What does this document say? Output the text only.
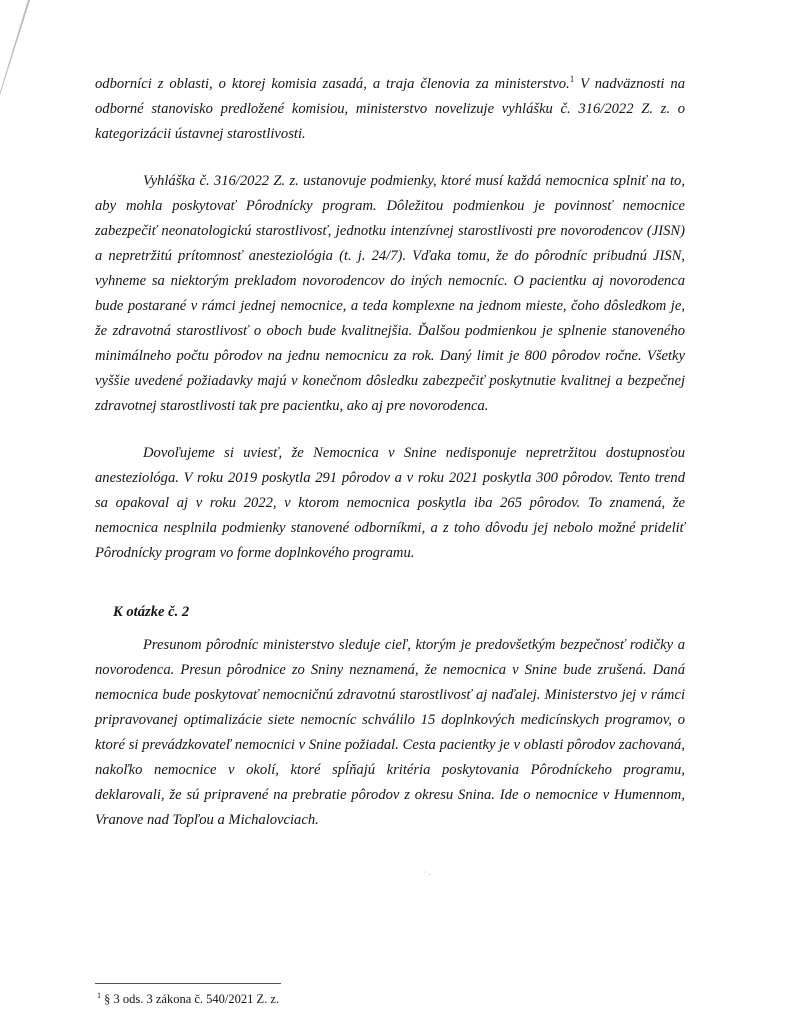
odborníci z oblasti, o ktorej komisia zasadá, a traja členovia za ministerstvo.$^1$ V nadväznosti na odborné stanovisko predložené komisiou, ministerstvo novelizuje vyhlášku č. 316/2022 Z. z. o kategorizácii ústavnej starostlivosti.

Vyhláška č. 316/2022 Z. z. ustanovuje podmienky, ktoré musí každá nemocnica splniť na to, aby mohla poskytovať Pôrodnícky program. Dôležitou podmienkou je povinnosť nemocnice zabezpečiť neonatologickú starostlivosť, jednotku intenzívnej starostlivosti pre novorodencov (JISN) a nepretržitú prítomnosť anesteziológia (t. j. 24/7). Vďaka tomu, že do pôrodníc pribudnú JISN, vyhneme sa niektorým prekladom novorodencov do iných nemocníc. O pacientku aj novorodenca bude postarané v rámci jednej nemocnice, a teda komplexne na jednom mieste, čoho dôsledkom je, že zdravotná starostlivosť o oboch bude kvalitnejšia. Ďalšou podmienkou je splnenie stanoveného minimálneho počtu pôrodov na jednu nemocnicu za rok. Daný limit je 800 pôrodov ročne. Všetky vyššie uvedené požiadavky majú v konečnom dôsledku zabezpečiť poskytnutie kvalitnej a bezpečnej zdravotnej starostlivosti tak pre pacientku, ako aj pre novorodenca.

Dovoľujeme si uviesť, že Nemocnica v Snine nedisponuje nepretržitou dostupnosťou anesteziológa. V roku 2019 poskytla 291 pôrodov a v roku 2021 poskytla 300 pôrodov. Tento trend sa opakoval aj v roku 2022, v ktorom nemocnica poskytla iba 265 pôrodov. To znamená, že nemocnica nesplnila podmienky stanovené odborníkmi, a z toho dôvodu jej nebolo možné prideliť Pôrodnícky program vo forme doplnkového programu.

K otázke č. 2

Presunom pôrodníc ministerstvo sleduje cieľ, ktorým je predovšetkým bezpečnosť rodičky a novorodenca. Presun pôrodnice zo Sniny neznamená, že nemocnica v Snine bude zrušená. Daná nemocnica bude poskytovať nemocničnú zdravotnú starostlivosť aj naďalej. Ministerstvo jej v rámci pripravovanej optimalizácie siete nemocníc schválilo 15 doplnkových medicínskych programov, o ktoré si prevádzkovateľ nemocnici v Snine požiadal. Cesta pacientky je v oblasti pôrodov zachovaná, nakoľko nemocnice v okolí, ktoré spĺňajú kritéria poskytovania Pôrodníckeho programu, deklarovali, že sú pripravené na prebratie pôrodov z okresu Snina. Ide o nemocnice v Humennom, Vranove nad Topľou a Michalovciach.

· .
$^1$ § 3 ods. 3 zákona č. 540/2021 Z. z.
